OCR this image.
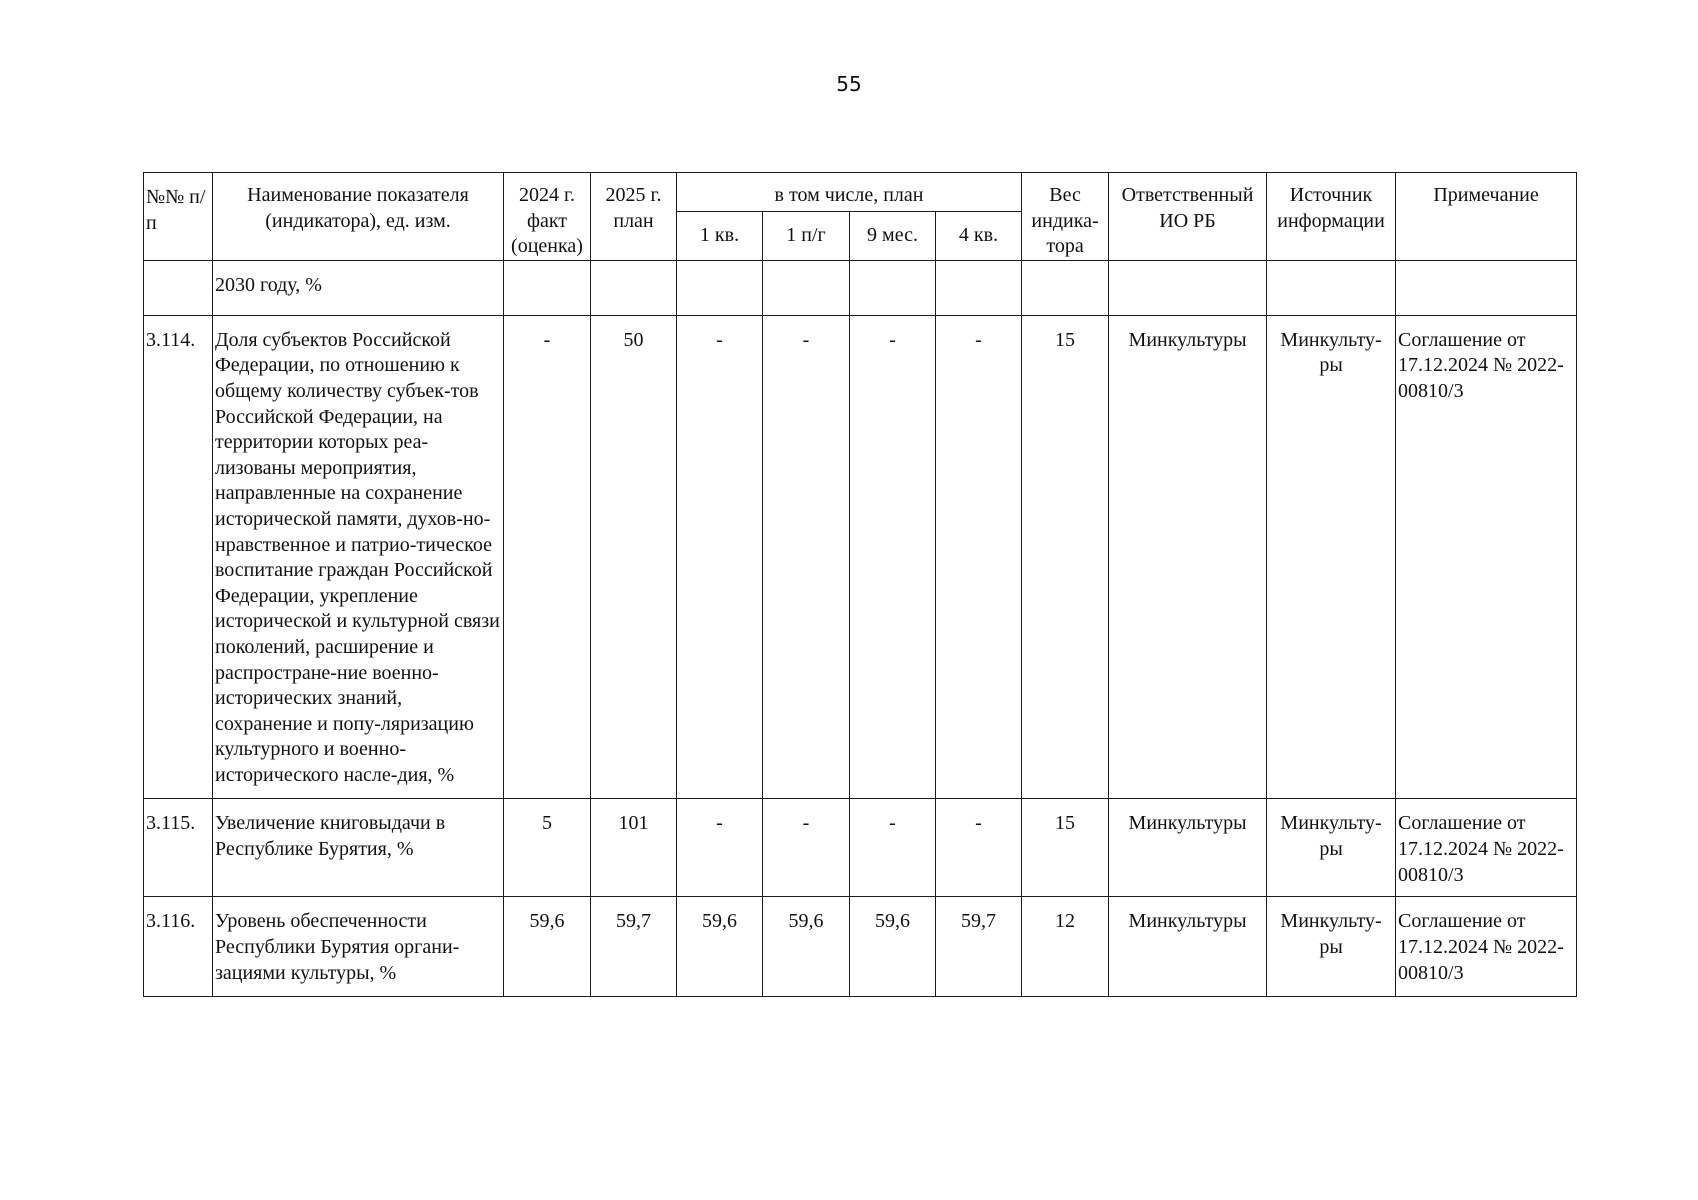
55
№№ п/п	Наименование показателя (индикатора), ед. изм.	2024 г. факт (оценка)	2025 г. план	в том числе, план				Вес индика-тора	Ответственный ИО РБ	Источник информации	Примечание
				1 кв.	1 п/г	9 мес.	4 кв.				
	2030 году, %										
3.114.	Доля субъектов Российской Федерации, по отношению к общему количеству субъек-тов Российской Федерации, на территории которых реа-лизованы мероприятия, направленные на сохранение исторической памяти, духов-но- нравственное и патрио-тическое воспитание граждан Российской Федерации, укрепление исторической и культурной связи поколений, расширение и распростране-ние военно-исторических знаний, сохранение и попу-ляризацию культурного и военно-исторического насле-дия, %	-	50	-	-	-	-	15	Минкультуры	Минкульту-ры	Соглашение от 17.12.2024 № 2022-00810/3
3.115.	Увеличение книговыдачи в Республике Бурятия, %	5	101	-	-	-	-	15	Минкультуры	Минкульту-ры	Соглашение от 17.12.2024 № 2022-00810/3
3.116.	Уровень обеспеченности Республики Бурятия органи-зациями культуры, %	59,6	59,7	59,6	59,6	59,6	59,7	12	Минкультуры	Минкульту-ры	Соглашение от 17.12.2024 № 2022-00810/3
